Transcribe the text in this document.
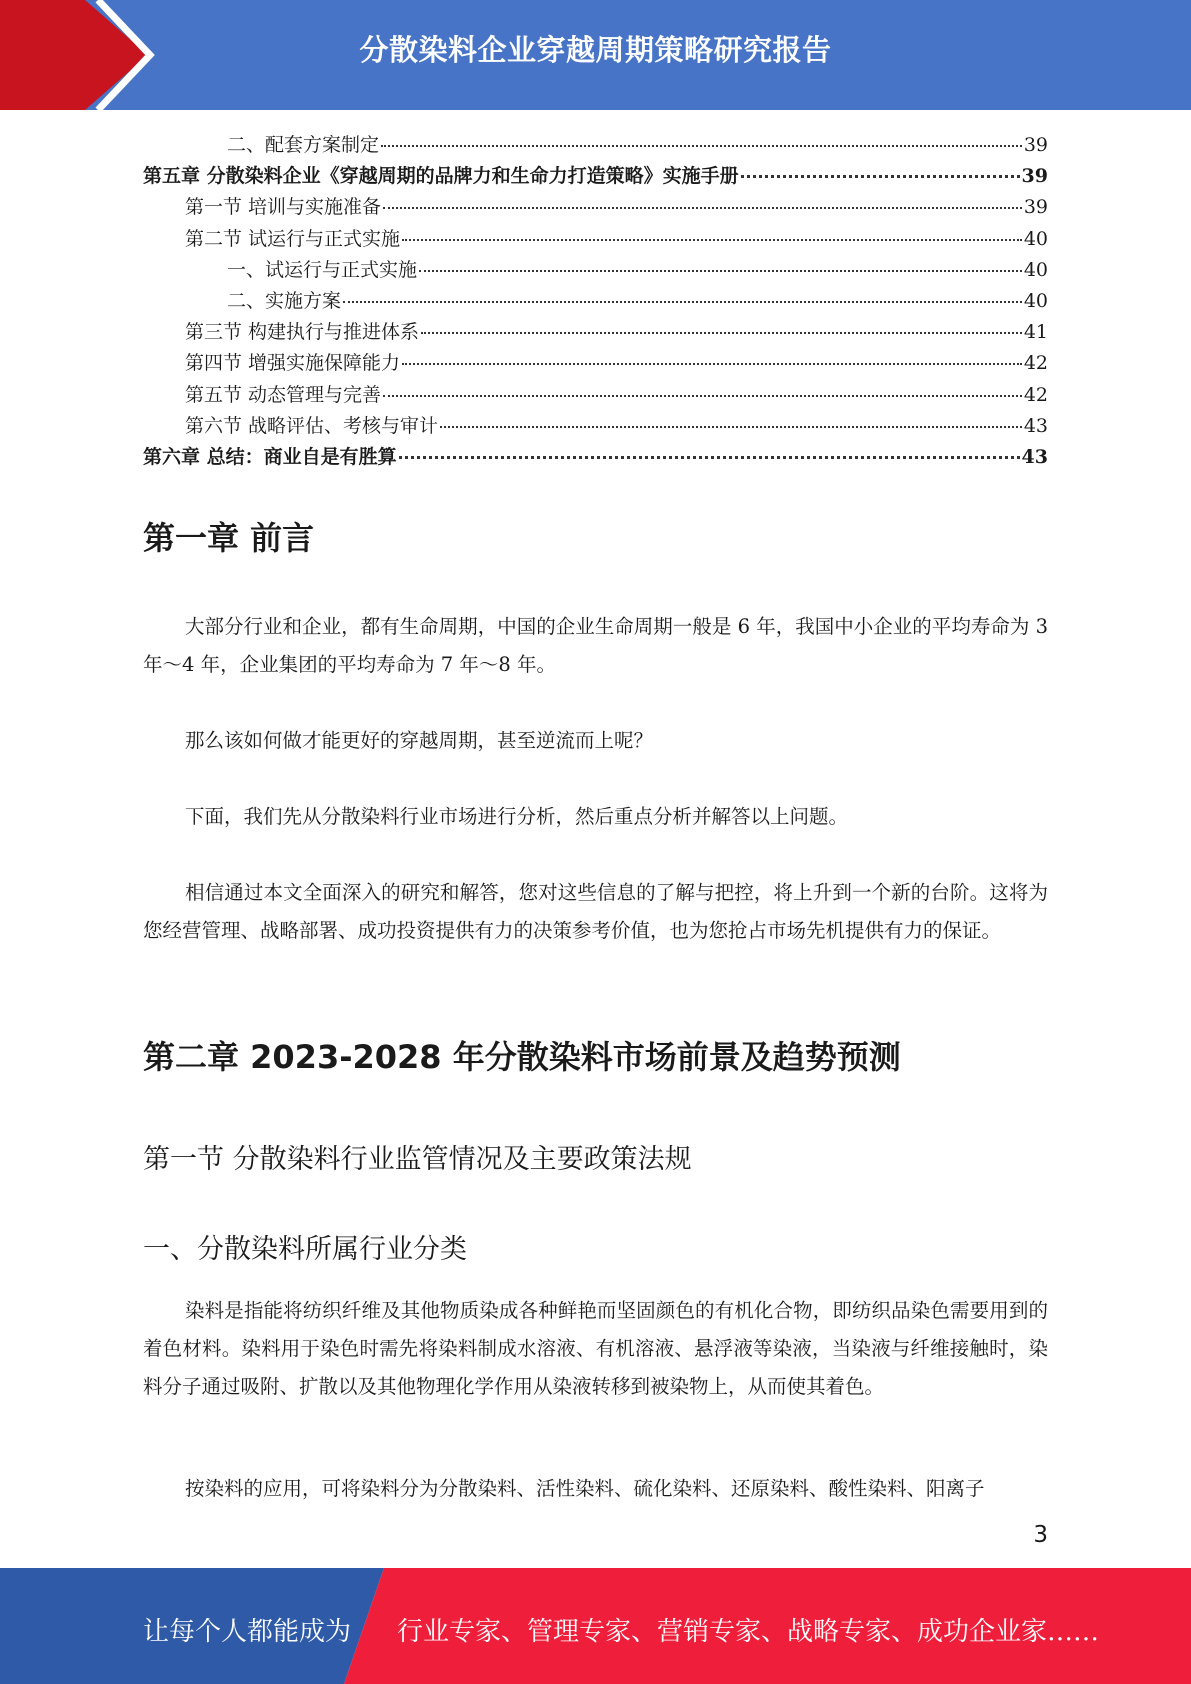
分散染料企业穿越周期策略研究报告
二、配套方案制定	39
第五章 分散染料企业《穿越周期的品牌力和生命力打造策略》实施手册	39
第一节 培训与实施准备	39
第二节 试运行与正式实施	40
一、试运行与正式实施	40
二、实施方案	40
第三节 构建执行与推进体系	41
第四节 增强实施保障能力	42
第五节 动态管理与完善	42
第六节 战略评估、考核与审计	43
第六章 总结：商业自是有胜算	43
第一章 前言

大部分行业和企业，都有生命周期，中国的企业生命周期一般是 6 年，我国中小企业的平均寿命为 3 年～4 年，企业集团的平均寿命为 7 年～8 年。

那么该如何做才能更好的穿越周期，甚至逆流而上呢？

下面，我们先从分散染料行业市场进行分析，然后重点分析并解答以上问题。

相信通过本文全面深入的研究和解答，您对这些信息的了解与把控，将上升到一个新的台阶。这将为您经营管理、战略部署、成功投资提供有力的决策参考价值，也为您抢占市场先机提供有力的保证。

第二章 2023-2028 年分散染料市场前景及趋势预测
第一节 分散染料行业监管情况及主要政策法规
一、分散染料所属行业分类

染料是指能将纺织纤维及其他物质染成各种鲜艳而坚固颜色的有机化合物，即纺织品染色需要用到的着色材料。染料用于染色时需先将染料制成水溶液、有机溶液、悬浮液等染液，当染液与纤维接触时，染料分子通过吸附、扩散以及其他物理化学作用从染液转移到被染物上，从而使其着色。

按染料的应用，可将染料分为分散染料、活性染料、硫化染料、还原染料、酸性染料、阳离子

3
让每个人都能成为 行业专家、管理专家、营销专家、战略专家、成功企业家……
